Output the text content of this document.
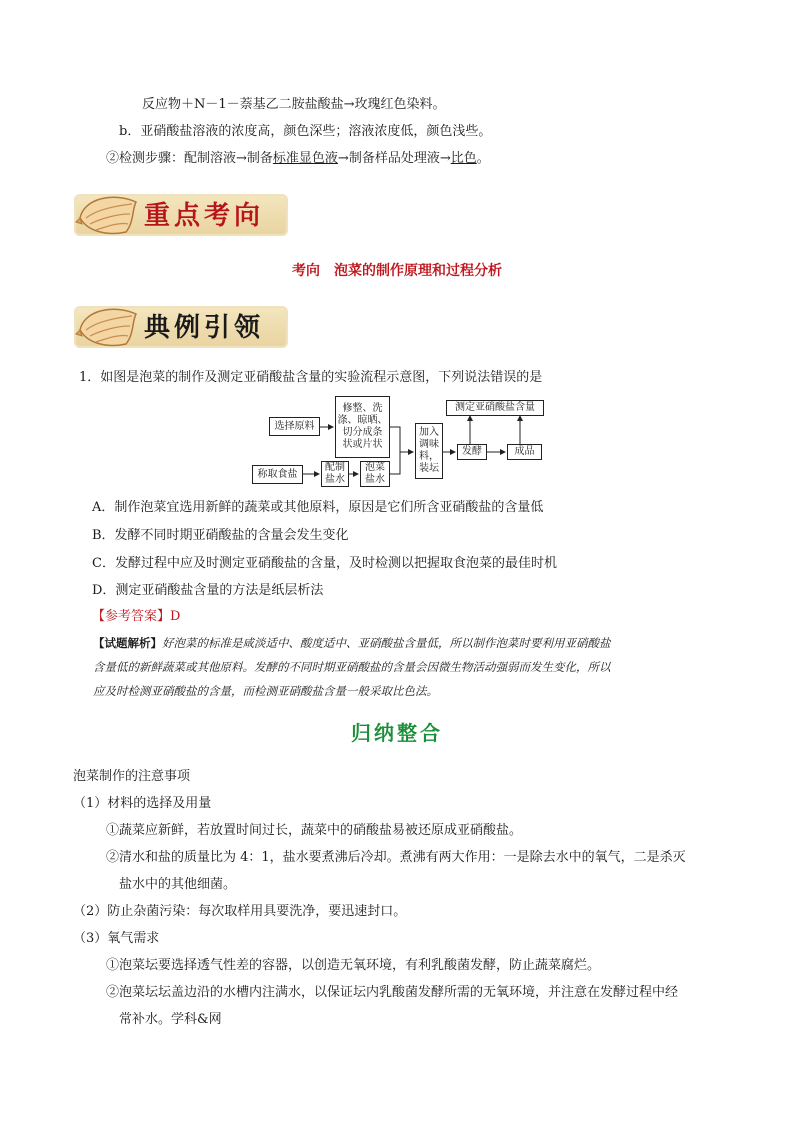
反应物＋N－1－萘基乙二胺盐酸盐→玫瑰红色染料。
b．亚硝酸盐溶液的浓度高，颜色深些；溶液浓度低，颜色浅些。
②检测步骤：配制溶液→制备标准显色液→制备样品处理液→比色。
重点考向
考向　泡菜的制作原理和过程分析
典例引领
1．如图是泡菜的制作及测定亚硝酸盐含量的实验流程示意图，下列说法错误的是
选择原料
修整、洗
涤、晾晒、
切分成条
状或片状
称取食盐
配制
盐水
泡菜
盐水
加入
调味
料，
装坛
测定亚硝酸盐含量
发酵	成品
A．制作泡菜宜选用新鲜的蔬菜或其他原料，原因是它们所含亚硝酸盐的含量低
B．发酵不同时期亚硝酸盐的含量会发生变化
C．发酵过程中应及时测定亚硝酸盐的含量，及时检测以把握取食泡菜的最佳时机
D．测定亚硝酸盐含量的方法是纸层析法
【参考答案】D
【试题解析】好泡菜的标准是咸淡适中、酸度适中、亚硝酸盐含量低，所以制作泡菜时要利用亚硝酸盐
含量低的新鲜蔬菜或其他原料。发酵的不同时期亚硝酸盐的含量会因微生物活动强弱而发生变化，所以
应及时检测亚硝酸盐的含量，而检测亚硝酸盐含量一般采取比色法。
归纳整合
泡菜制作的注意事项
（1）材料的选择及用量
①蔬菜应新鲜，若放置时间过长，蔬菜中的硝酸盐易被还原成亚硝酸盐。
②清水和盐的质量比为 4：1，盐水要煮沸后冷却。煮沸有两大作用：一是除去水中的氧气，二是杀灭
盐水中的其他细菌。
（2）防止杂菌污染：每次取样用具要洗净，要迅速封口。
（3）氧气需求
①泡菜坛要选择透气性差的容器，以创造无氧环境，有利乳酸菌发酵，防止蔬菜腐烂。
②泡菜坛坛盖边沿的水槽内注满水，以保证坛内乳酸菌发酵所需的无氧环境，并注意在发酵过程中经
常补水。学科&网
